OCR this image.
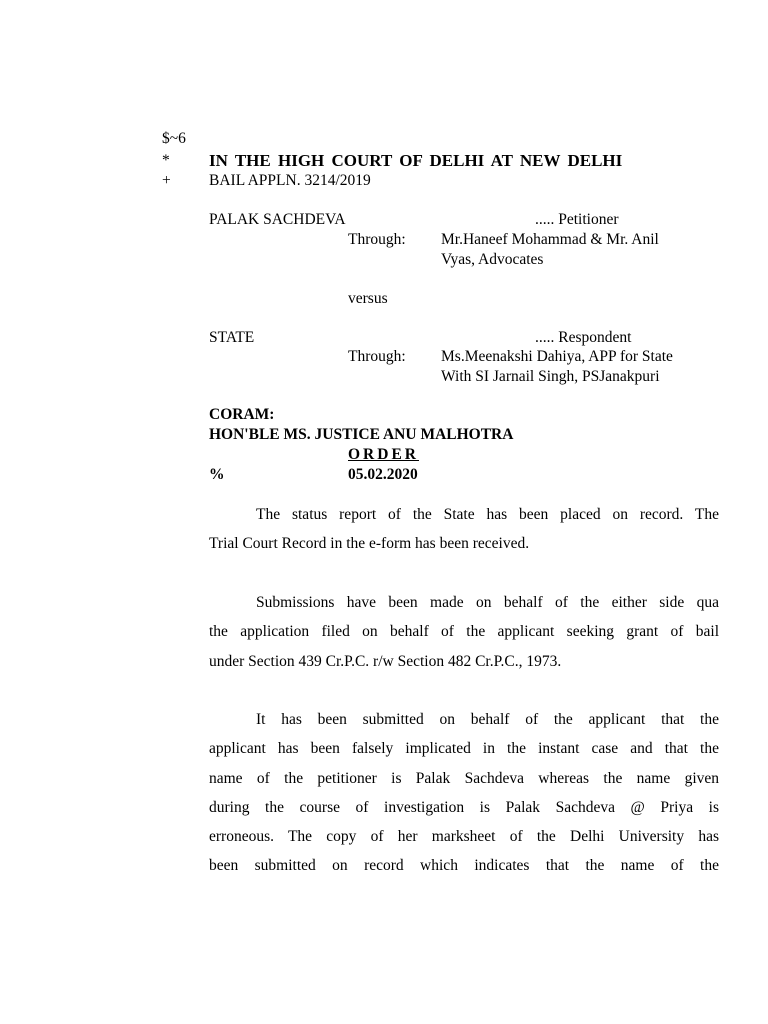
$~6
*
+
IN THE HIGH COURT OF DELHI AT NEW DELHI
BAIL APPLN. 3214/2019
PALAK SACHDEVA	..... Petitioner
Through: Mr.Haneef Mohammad & Mr. Anil
Vyas, Advocates
versus
STATE	..... Respondent
Through: Ms.Meenakshi Dahiya, APP for State
With SI Jarnail Singh, PSJanakpuri
CORAM:
HON'BLE MS. JUSTICE ANU MALHOTRA
ORDER
%	05.02.2020
The status report of the State has been placed on record. The
Trial Court Record in the e-form has been received.
Submissions have been made on behalf of the either side qua
the application filed on behalf of the applicant seeking grant of bail
under Section 439 Cr.P.C. r/w Section 482 Cr.P.C., 1973.
It has been submitted on behalf of the applicant that the
applicant has been falsely implicated in the instant case and that the
name of the petitioner is Palak Sachdeva whereas the name given
during the course of investigation is Palak Sachdeva @ Priya is
erroneous. The copy of her marksheet of the Delhi University has
been submitted on record which indicates that the name of the
